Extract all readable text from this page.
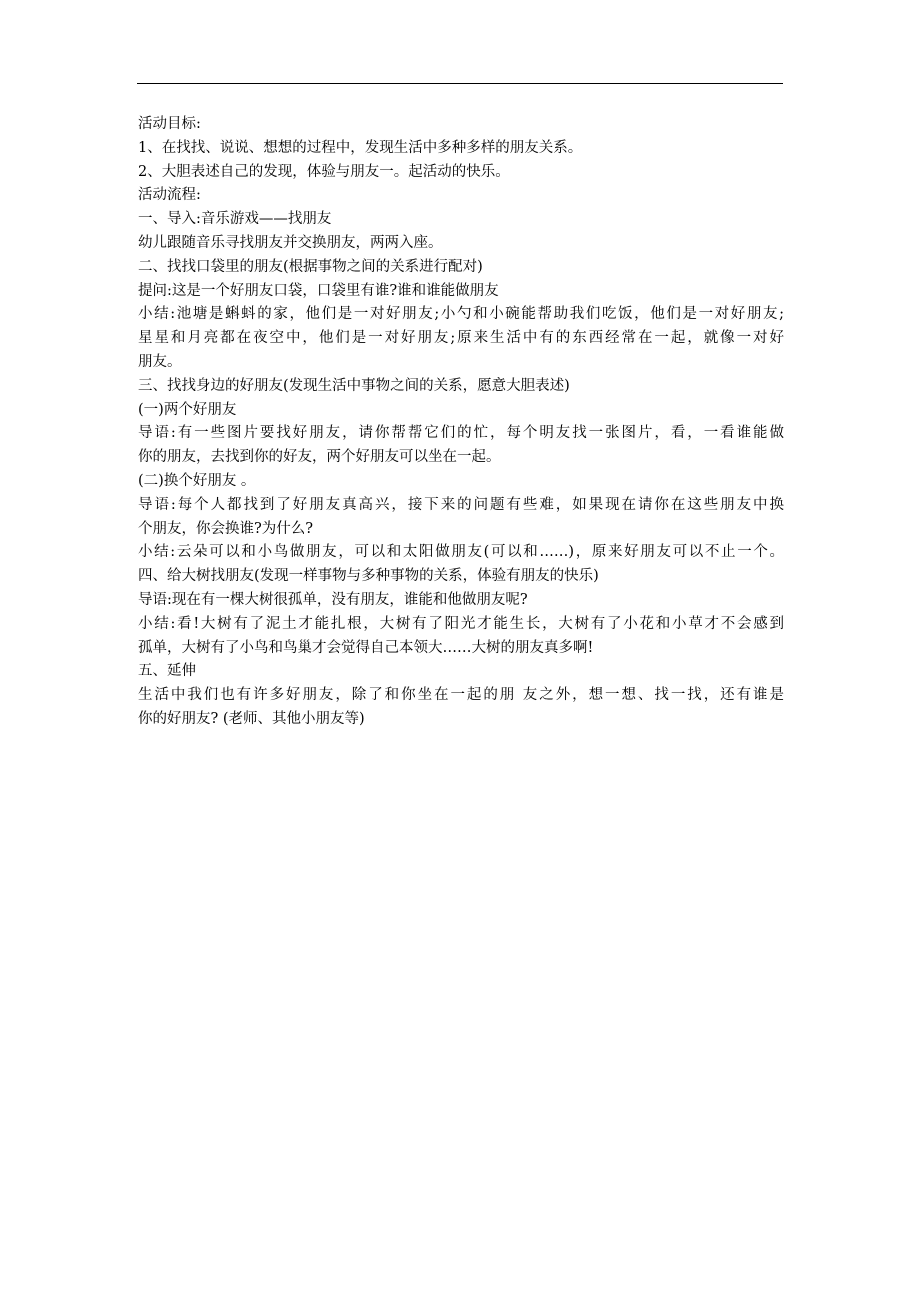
活动目标:

1、在找找、说说、想想的过程中，发现生活中多种多样的朋友关系。

2、大胆表述自己的发现，体验与朋友一。起活动的快乐。

活动流程:

一、导入:音乐游戏——找朋友

幼儿跟随音乐寻找朋友并交换朋友，两两入座。

二、找找口袋里的朋友(根据事物之间的关系进行配对)

提问:这是一个好朋友口袋，口袋里有谁?谁和谁能做朋友

小结:池塘是蝌蚪的家，他们是一对好朋友;小勺和小碗能帮助我们吃饭，他们是一对好朋友;

星星和月亮都在夜空中，他们是一对好朋友;原来生活中有的东西经常在一起，就像一对好

朋友。

三、找找身边的好朋友(发现生活中事物之间的关系，愿意大胆表述)

(一)两个好朋友

导语:有一些图片要找好朋友，请你帮帮它们的忙，每个明友找一张图片，看，一看谁能做

你的朋友，去找到你的好友，两个好朋友可以坐在一起。

(二)换个好朋友 。

导语:每个人都找到了好朋友真高兴，接下来的问题有些难，如果现在请你在这些朋友中换

个朋友，你会换谁?为什么?

小结:云朵可以和小鸟做朋友，可以和太阳做朋友(可以和……)，原来好朋友可以不止一个。

四、给大树找朋友(发现一样事物与多种事物的关系，体验有朋友的快乐)

导语:现在有一棵大树很孤单，没有朋友，谁能和他做朋友呢?

小结:看!大树有了泥土才能扎根，大树有了阳光才能生长，大树有了小花和小草才不会感到

孤单，大树有了小鸟和鸟巢才会觉得自己本领大……大树的朋友真多啊!

五、延伸

生活中我们也有许多好朋友，除了和你坐在一起的朋 友之外，想一想、找一找，还有谁是

你的好朋友? (老师、其他小朋友等)
